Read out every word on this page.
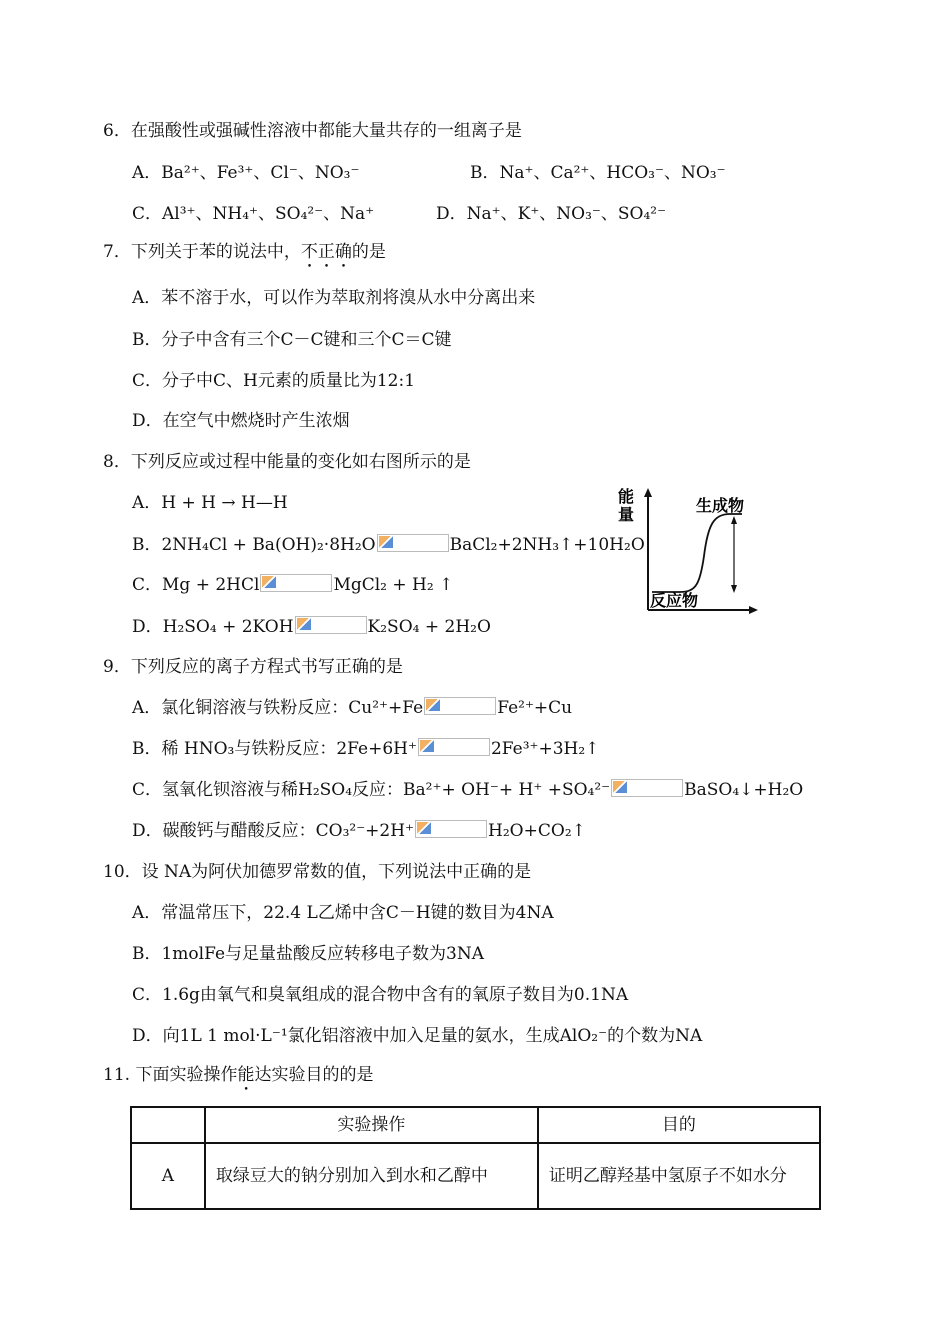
6．在强酸性或强碱性溶液中都能大量共存的一组离子是
A．Ba²⁺、Fe³⁺、Cl⁻、NO₃⁻	B．Na⁺、Ca²⁺、HCO₃⁻、NO₃⁻
C．Al³⁺、NH₄⁺、SO₄²⁻、Na⁺	D．Na⁺、K⁺、NO₃⁻、SO₄²⁻
7．下列关于苯的说法中，不正确的是
A．苯不溶于水，可以作为萃取剂将溴从水中分离出来
B．分子中含有三个C－C键和三个C＝C键
C．分子中C、H元素的质量比为12:1
D．在空气中燃烧时产生浓烟
8．下列反应或过程中能量的变化如右图所示的是
A．H + H → H—H
B．2NH₄Cl + Ba(OH)₂·8H₂O	BaCl₂+2NH₃↑+10H₂O
C．Mg + 2HCl	MgCl₂ + H₂ ↑
D．H₂SO₄ + 2KOH	K₂SO₄ + 2H₂O
能
量	生成物
反应物
9．下列反应的离子方程式书写正确的是
A．氯化铜溶液与铁粉反应：Cu²⁺+Fe	Fe²⁺+Cu
B．稀 HNO₃与铁粉反应：2Fe+6H⁺	2Fe³⁺+3H₂↑
C．氢氧化钡溶液与稀H₂SO₄反应：Ba²⁺+ OH⁻+ H⁺ +SO₄²⁻	BaSO₄↓+H₂O
D．碳酸钙与醋酸反应：CO₃²⁻+2H⁺	H₂O+CO₂↑
10．设 NA为阿伏加德罗常数的值，下列说法中正确的是
A．常温常压下，22.4 L乙烯中含C－H键的数目为4NA
B．1molFe与足量盐酸反应转移电子数为3NA
C．1.6g由氧气和臭氧组成的混合物中含有的氧原子数目为0.1NA
D．向1L 1 mol·L⁻¹氯化铝溶液中加入足量的氨水，生成AlO₂⁻的个数为NA
11. 下面实验操作能达实验目的的是
	实验操作	目的
A	取绿豆大的钠分别加入到水和乙醇中	证明乙醇羟基中氢原子不如水分
